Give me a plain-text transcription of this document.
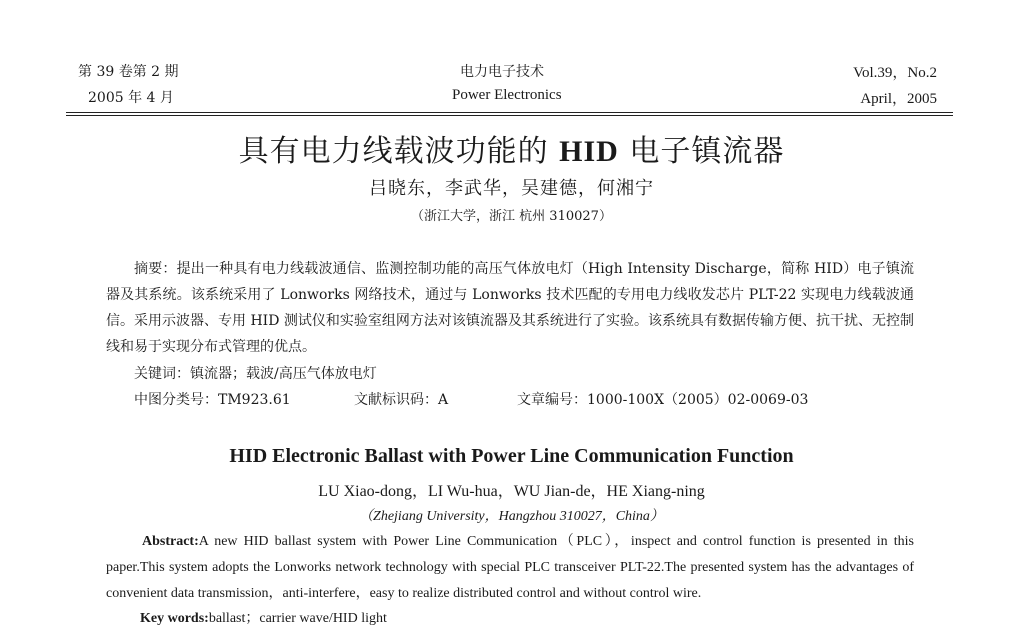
第 39 卷第 2 期
2005 年 4 月
电力电子技术
Power Electronics
Vol.39，No.2
April，2005
具有电力线载波功能的 HID 电子镇流器
吕晓东，李武华，吴建德，何湘宁
（浙江大学，浙江 杭州 310027）
摘要：提出一种具有电力线载波通信、监测控制功能的高压气体放电灯（High Intensity Discharge，简称 HID）电子镇流器及其系统。该系统采用了 Lonworks 网络技术，通过与 Lonworks 技术匹配的专用电力线收发芯片 PLT-22 实现电力线载波通信。采用示波器、专用 HID 测试仪和实验室组网方法对该镇流器及其系统进行了实验。该系统具有数据传输方便、抗干扰、无控制线和易于实现分布式管理的优点。
关键词：镇流器；载波/高压气体放电灯
中图分类号：TM923.61	文献标识码：A	文章编号：1000-100X（2005）02-0069-03
HID Electronic Ballast with Power Line Communication Function
LU Xiao-dong，LI Wu-hua，WU Jian-de，HE Xiang-ning
（Zhejiang University，Hangzhou 310027，China）
Abstract:A new HID ballast system with Power Line Communication（PLC），inspect and control function is presented in this paper.This system adopts the Lonworks network technology with special PLC transceiver PLT-22.The presented system has the advantages of convenient data transmission，anti-interfere，easy to realize distributed control and without control wire.
Key words:ballast；carrier wave/HID light
